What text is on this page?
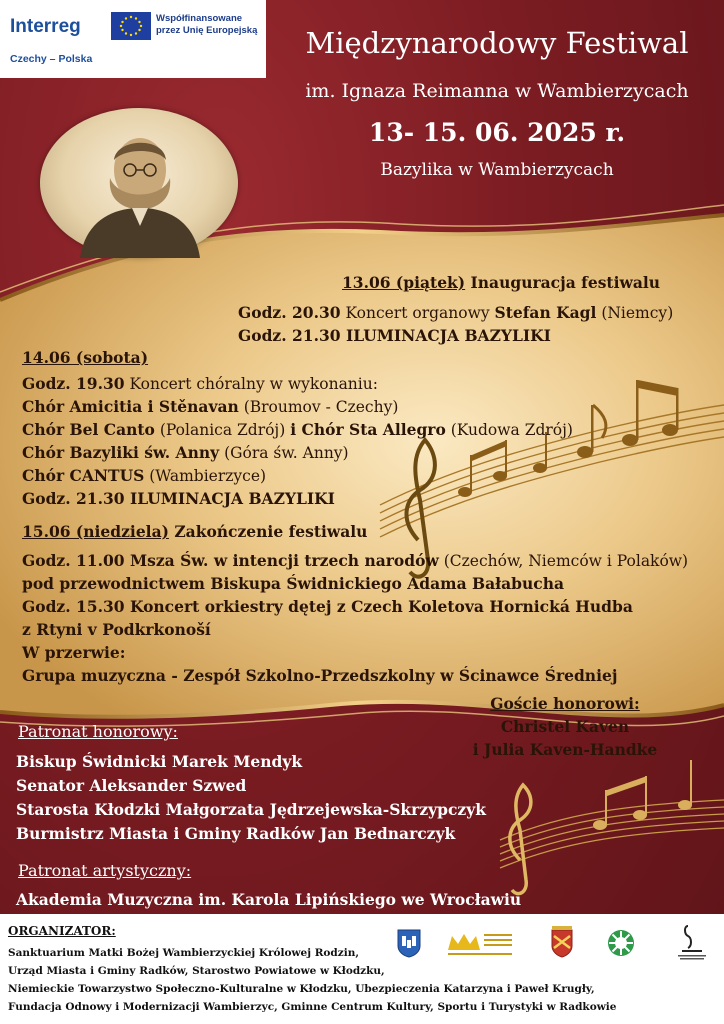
Interreg	Współfinansowane przez Unię Europejską
Czechy – Polska	Międzynarodowy Festiwal
im. Ignaza Reimanna w Wambierzycach
13- 15. 06. 2025 r.
Bazylika w Wambierzycach
13.06 (piątek) Inauguracja festiwalu
Godz. 20.30 Koncert organowy Stefan Kagl (Niemcy)
Godz. 21.30 ILUMINACJA BAZYLIKI
14.06 (sobota)
Godz. 19.30 Koncert chóralny w wykonaniu:
Chór Amicitia i Stěnavan (Broumov - Czechy)
Chór Bel Canto (Polanica Zdrój) i Chór Sta Allegro (Kudowa Zdrój)
Chór Bazyliki św. Anny (Góra św. Anny)
Chór CANTUS (Wambierzyce)
Godz. 21.30 ILUMINACJA BAZYLIKI
15.06 (niedziela) Zakończenie festiwalu
Godz. 11.00 Msza Św. w intencji trzech narodów (Czechów, Niemców i Polaków)
pod przewodnictwem Biskupa Świdnickiego Adama Bałabucha
Godz. 15.30 Koncert orkiestry dętej z Czech Koletova Hornická Hudba
z Rtyni v Podkrkonoší
W przerwie:
Grupa muzyczna - Zespół Szkolno-Przedszkolny w Ścinawce Średniej
Goście honorowi:
Christel Kaven
i Julia Kaven-Handke
Patronat honorowy:
Biskup Świdnicki Marek Mendyk
Senator Aleksander Szwed
Starosta Kłodzki Małgorzata Jędrzejewska-Skrzypczyk
Burmistrz Miasta i Gminy Radków Jan Bednarczyk
Patronat artystyczny:
Akademia Muzyczna im. Karola Lipińskiego we Wrocławiu
ORGANIZATOR:
Sanktuarium Matki Bożej Wambierzyckiej Królowej Rodzin,
Urząd Miasta i Gminy Radków, Starostwo Powiatowe w Kłodzku,
Niemieckie Towarzystwo Społeczno-Kulturalne w Kłodzku, Ubezpieczenia Katarzyna i Paweł Krugły,
Fundacja Odnowy i Modernizacji Wambierzyc, Gminne Centrum Kultury, Sportu i Turystyki w Radkowie
